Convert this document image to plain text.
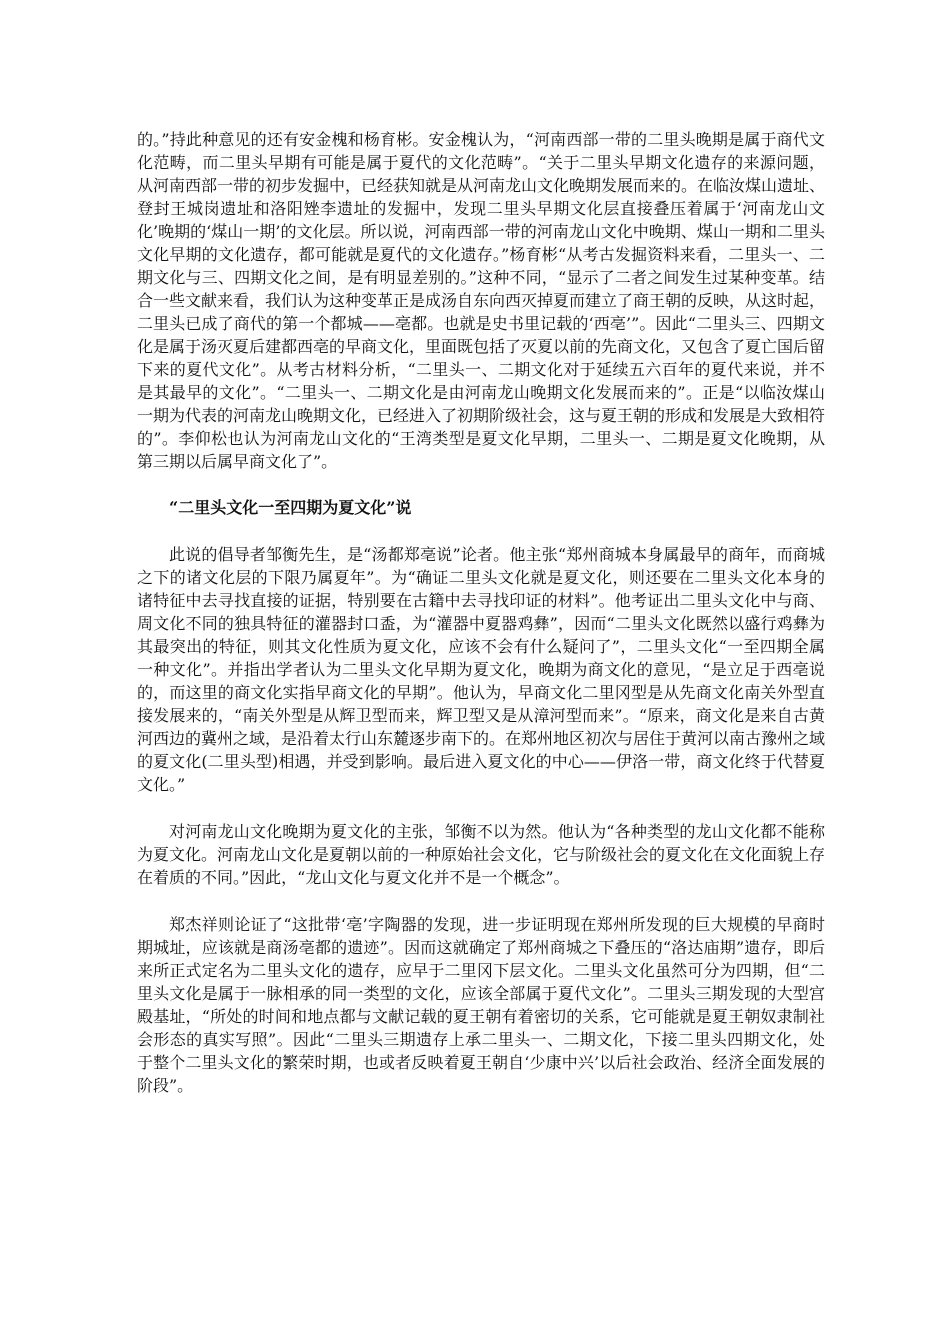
的。”持此种意见的还有安金槐和杨育彬。安金槐认为，“河南西部一带的二里头晚期是属于商代文化范畴，而二里头早期有可能是属于夏代的文化范畴”。“关于二里头早期文化遗存的来源问题，从河南西部一带的初步发掘中，已经获知就是从河南龙山文化晚期发展而来的。在临汝煤山遗址、登封王城岗遗址和洛阳矬李遗址的发掘中，发现二里头早期文化层直接叠压着属于‘河南龙山文化’晚期的‘煤山一期’的文化层。所以说，河南西部一带的河南龙山文化中晚期、煤山一期和二里头文化早期的文化遗存，都可能就是夏代的文化遗存。”杨育彬“从考古发掘资料来看，二里头一、二期文化与三、四期文化之间，是有明显差别的。”这种不同，“显示了二者之间发生过某种变革。结合一些文献来看，我们认为这种变革正是成汤自东向西灭掉夏而建立了商王朝的反映，从这时起，二里头已成了商代的第一个都城——亳都。也就是史书里记载的‘西亳’”。因此“二里头三、四期文化是属于汤灭夏后建都西亳的早商文化，里面既包括了灭夏以前的先商文化，又包含了夏亡国后留下来的夏代文化”。从考古材料分析，“二里头一、二期文化对于延续五六百年的夏代来说，并不是其最早的文化”。“二里头一、二期文化是由河南龙山晚期文化发展而来的”。正是“以临汝煤山一期为代表的河南龙山晚期文化，已经进入了初期阶级社会，这与夏王朝的形成和发展是大致相符的”。李仰松也认为河南龙山文化的“王湾类型是夏文化早期，二里头一、二期是夏文化晚期，从第三期以后属早商文化了”。

“二里头文化一至四期为夏文化”说

此说的倡导者邹衡先生，是“汤都郑亳说”论者。他主张“郑州商城本身属最早的商年，而商城之下的诸文化层的下限乃属夏年”。为“确证二里头文化就是夏文化，则还要在二里头文化本身的诸特征中去寻找直接的证据，特别要在古籍中去寻找印证的材料”。他考证出二里头文化中与商、周文化不同的独具特征的灌器封口盉，为“灌器中夏器鸡彝”，因而“二里头文化既然以盛行鸡彝为其最突出的特征，则其文化性质为夏文化，应该不会有什么疑问了”，二里头文化“一至四期全属一种文化”。并指出学者认为二里头文化早期为夏文化，晚期为商文化的意见，“是立足于西亳说的，而这里的商文化实指早商文化的早期”。他认为，早商文化二里冈型是从先商文化南关外型直接发展来的，“南关外型是从辉卫型而来，辉卫型又是从漳河型而来”。“原来，商文化是来自古黄河西边的冀州之域，是沿着太行山东麓逐步南下的。在郑州地区初次与居住于黄河以南古豫州之域的夏文化(二里头型)相遇，并受到影响。最后进入夏文化的中心——伊洛一带，商文化终于代替夏文化。”

对河南龙山文化晚期为夏文化的主张，邹衡不以为然。他认为“各种类型的龙山文化都不能称为夏文化。河南龙山文化是夏朝以前的一种原始社会文化，它与阶级社会的夏文化在文化面貌上存在着质的不同。”因此，“龙山文化与夏文化并不是一个概念”。

郑杰祥则论证了“这批带‘亳’字陶器的发现，进一步证明现在郑州所发现的巨大规模的早商时期城址，应该就是商汤亳都的遗迹”。因而这就确定了郑州商城之下叠压的“洛达庙期”遗存，即后来所正式定名为二里头文化的遗存，应早于二里冈下层文化。二里头文化虽然可分为四期，但“二里头文化是属于一脉相承的同一类型的文化，应该全部属于夏代文化”。二里头三期发现的大型宫殿基址，“所处的时间和地点都与文献记载的夏王朝有着密切的关系，它可能就是夏王朝奴隶制社会形态的真实写照”。因此“二里头三期遗存上承二里头一、二期文化，下接二里头四期文化，处于整个二里头文化的繁荣时期，也或者反映着夏王朝自‘少康中兴’以后社会政治、经济全面发展的阶段”。
